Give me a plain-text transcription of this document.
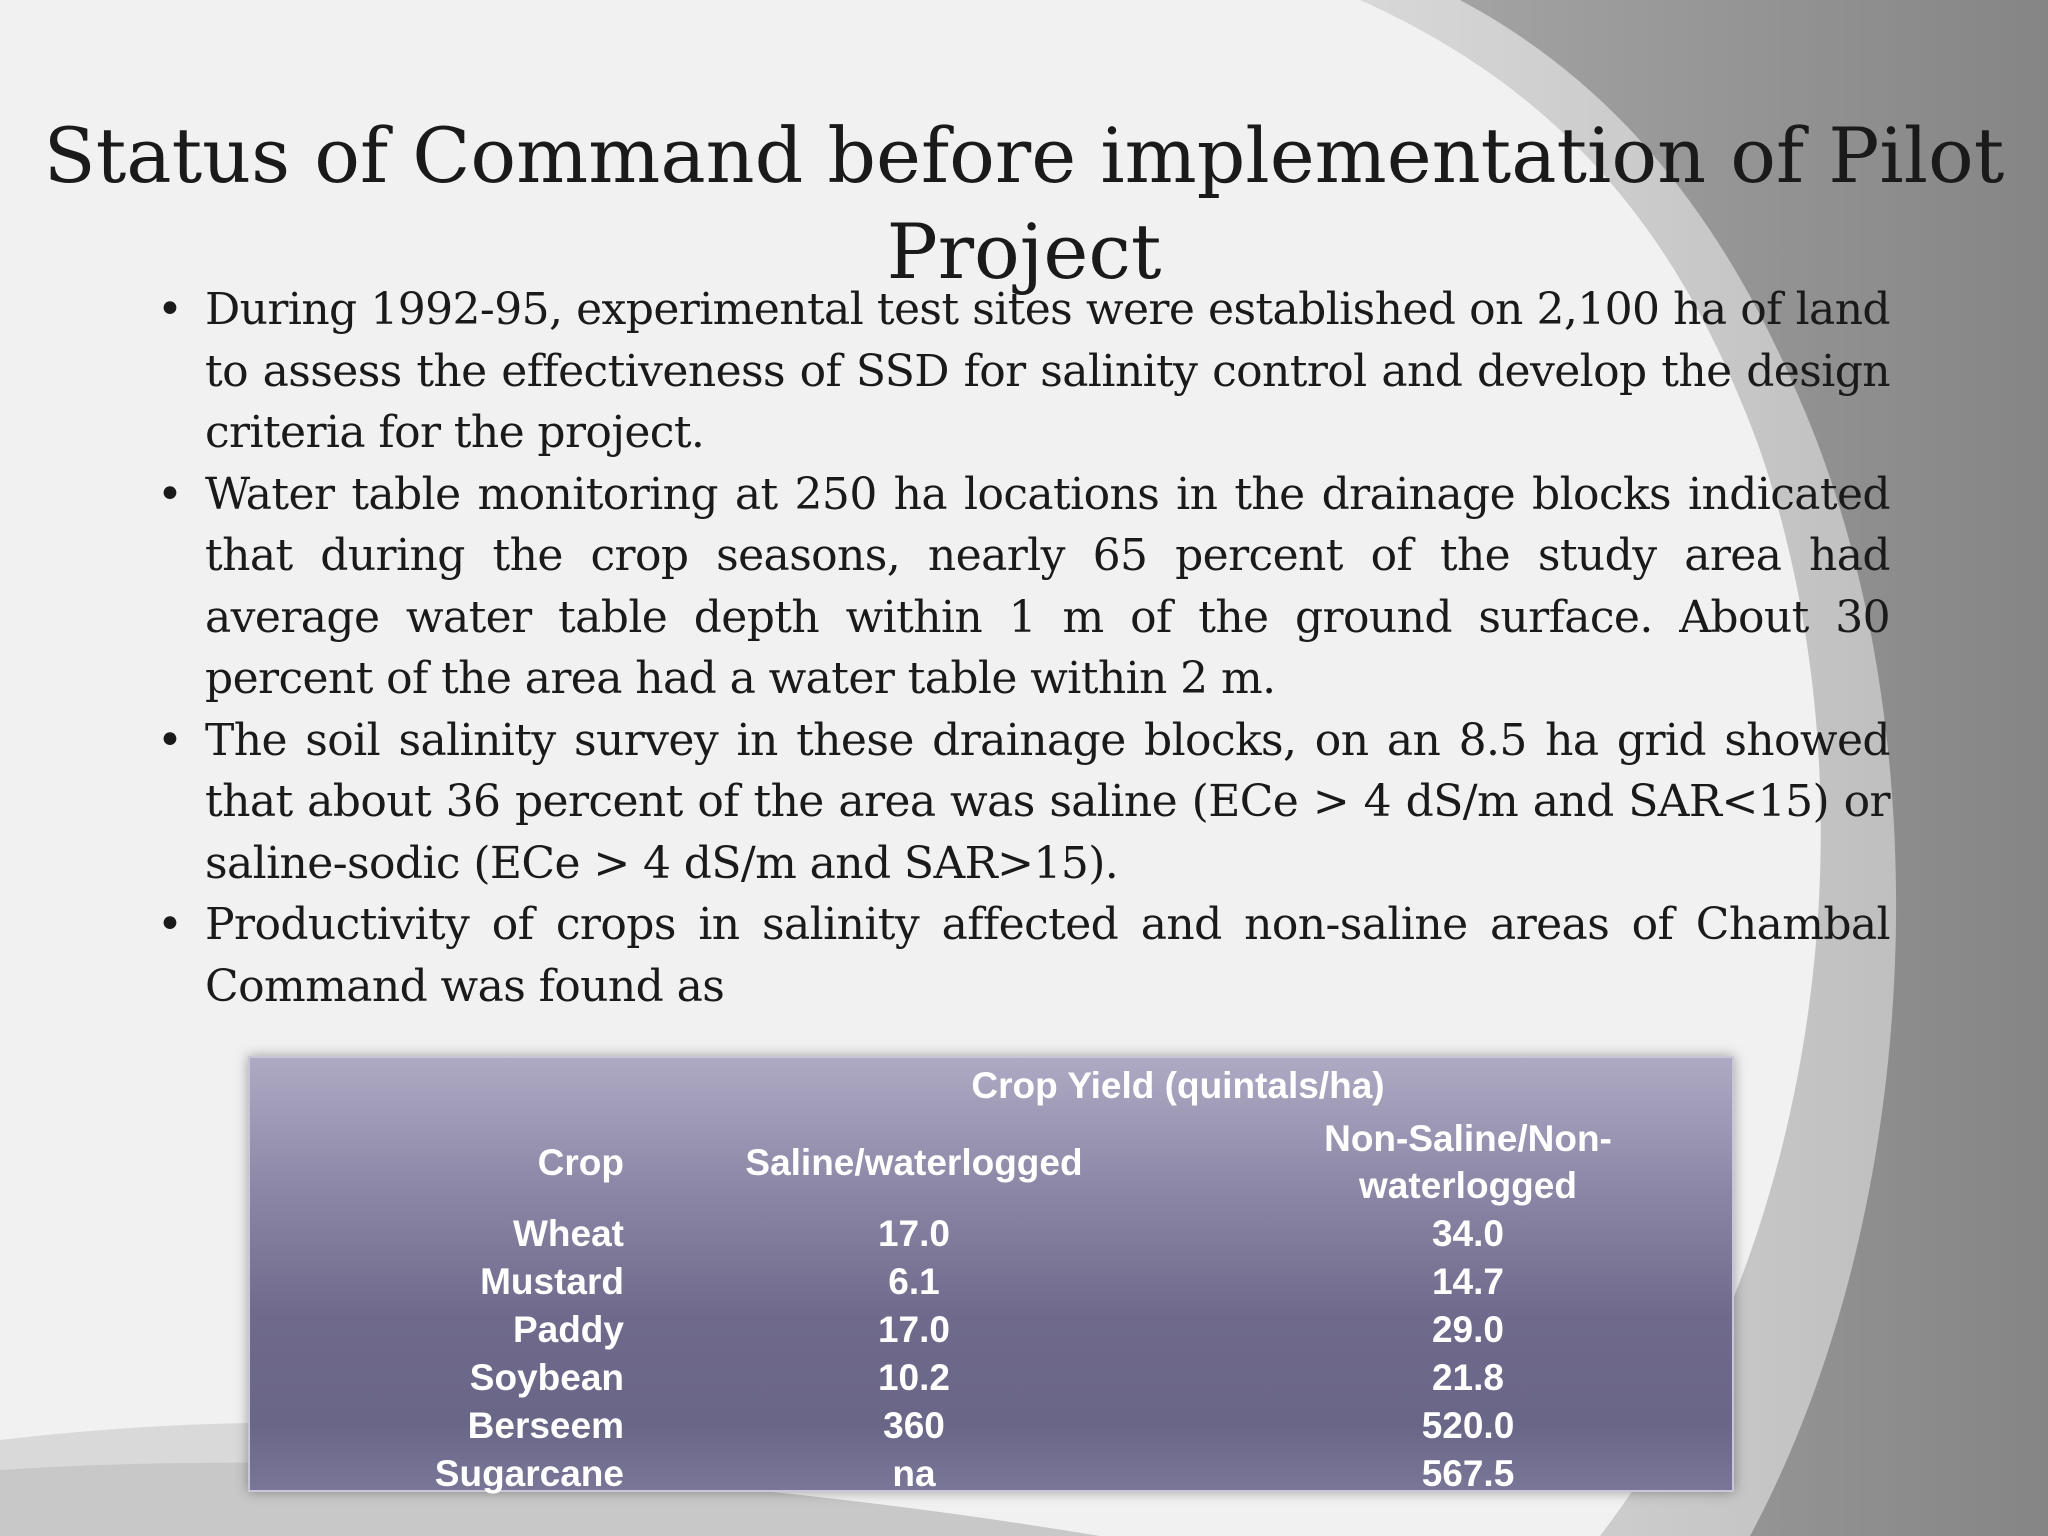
Status of Command before implementation of Pilot Project
• During 1992-95, experimental test sites were established on 2,100 ha of land to assess the effectiveness of SSD for salinity control and develop the design criteria for the project.
• Water table monitoring at 250 ha locations in the drainage blocks indicated that during the crop seasons, nearly 65 percent of the study area had average water table depth within 1 m of the ground surface. About 30 percent of the area had a water table within 2 m.
• The soil salinity survey in these drainage blocks, on an 8.5 ha grid showed that about 36 percent of the area was saline (ECe > 4 dS/m and SAR<15) or saline-sodic (ECe > 4 dS/m and SAR>15).
• Productivity of crops in salinity affected and non-saline areas of Chambal Command was found as
	Crop Yield (quintals/ha)	
Crop	Saline/waterlogged	Non-Saline/Non-waterlogged
Wheat	17.0	34.0
Mustard	6.1	14.7
Paddy	17.0	29.0
Soybean	10.2	21.8
Berseem	360	520.0
Sugarcane	na	567.5
